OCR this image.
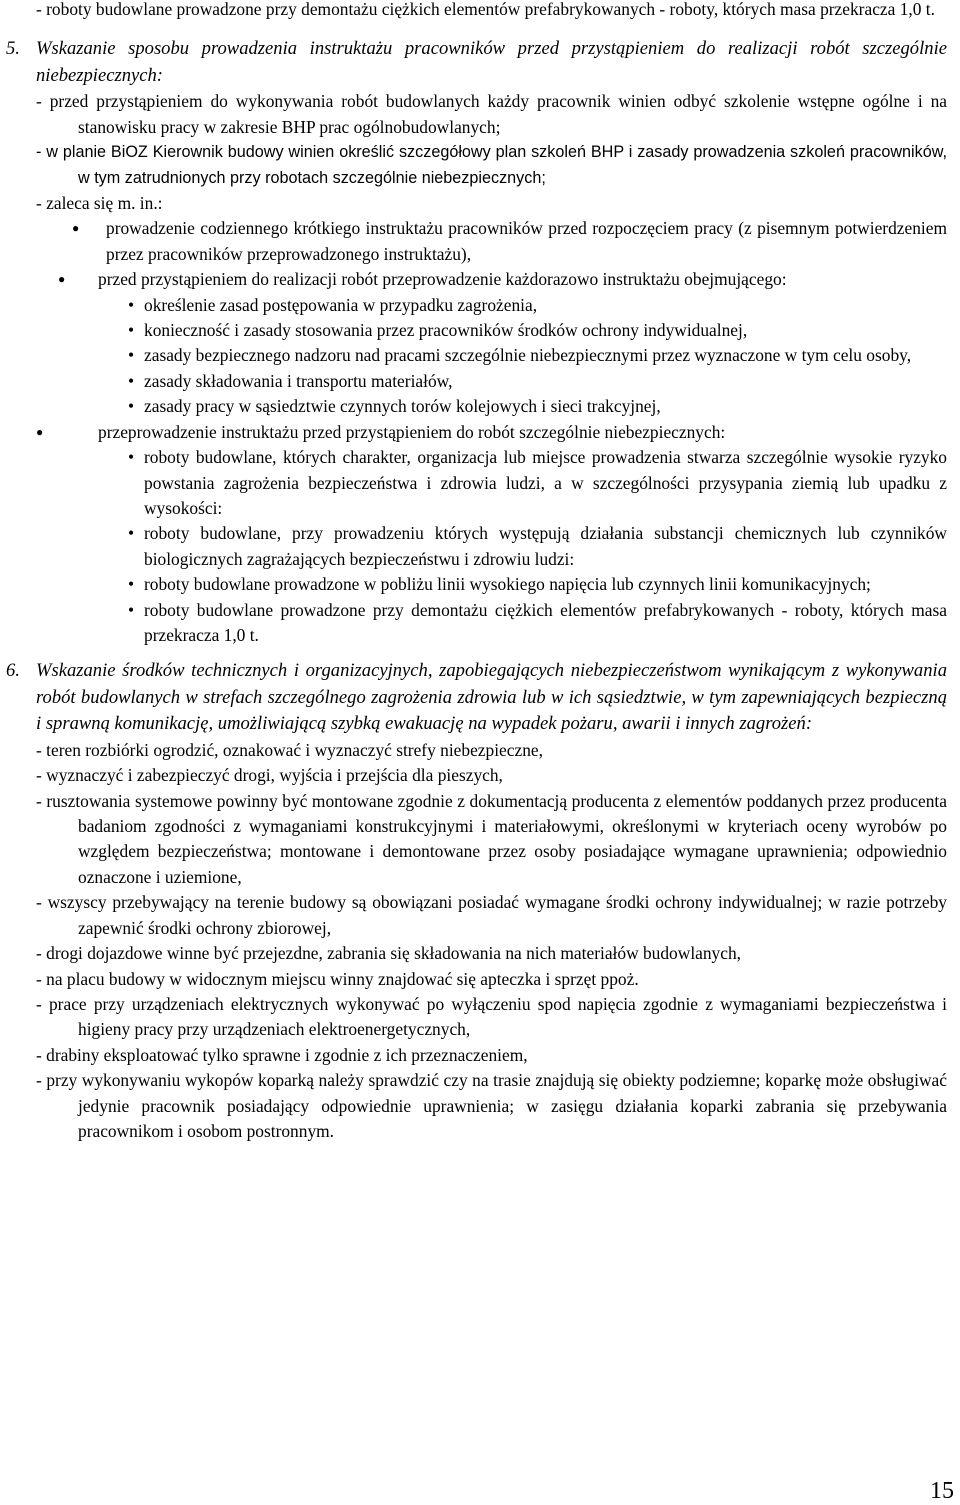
- roboty budowlane prowadzone przy demontażu ciężkich elementów prefabrykowanych - roboty, których masa przekracza 1,0 t.
5. Wskazanie sposobu prowadzenia instruktażu pracowników przed przystąpieniem do realizacji robót szczególnie niebezpiecznych:
- przed przystąpieniem do wykonywania robót budowlanych każdy pracownik winien odbyć szkolenie wstępne ogólne i na stanowisku pracy w zakresie BHP prac ogólnobudowlanych;
- w planie BiOZ Kierownik budowy winien określić szczegółowy plan szkoleń BHP i zasady prowadzenia szkoleń pracowników, w tym zatrudnionych przy robotach szczególnie niebezpiecznych;
- zaleca się m. in.:
● prowadzenie codziennego krótkiego instruktażu pracowników przed rozpoczęciem pracy (z pisemnym potwierdzeniem przez pracowników przeprowadzonego instruktażu),
● przed przystąpieniem do realizacji robót przeprowadzenie każdorazowo instruktażu obejmującego:
• określenie zasad postępowania w przypadku zagrożenia,
• konieczność i zasady stosowania przez pracowników środków ochrony indywidualnej,
• zasady bezpiecznego nadzoru nad pracami szczególnie niebezpiecznymi przez wyznaczone w tym celu osoby,
• zasady składowania i transportu materiałów,
• zasady pracy w sąsiedztwie czynnych torów kolejowych i sieci trakcyjnej,
●	przeprowadzenie instruktażu przed przystąpieniem do robót szczególnie niebezpiecznych:
• roboty budowlane, których charakter, organizacja lub miejsce prowadzenia stwarza szczególnie wysokie ryzyko powstania zagrożenia bezpieczeństwa i zdrowia ludzi, a w szczególności przysypania ziemią lub upadku z wysokości:
• roboty budowlane, przy prowadzeniu których występują działania substancji chemicznych lub czynników biologicznych zagrażających bezpieczeństwu i zdrowiu ludzi:
• roboty budowlane prowadzone w pobliżu linii wysokiego napięcia lub czynnych linii komunikacyjnych;
• roboty budowlane prowadzone przy demontażu ciężkich elementów prefabrykowanych - roboty, których masa przekracza 1,0 t.
6. Wskazanie środków technicznych i organizacyjnych, zapobiegających niebezpieczeństwom wynikającym z wykonywania robót budowlanych w strefach szczególnego zagrożenia zdrowia lub w ich sąsiedztwie, w tym zapewniających bezpieczną i sprawną komunikację, umożliwiającą szybką ewakuację na wypadek pożaru, awarii i innych zagrożeń:
- teren rozbiórki ogrodzić, oznakować i wyznaczyć strefy niebezpieczne,
- wyznaczyć i zabezpieczyć drogi, wyjścia i przejścia dla pieszych,
- rusztowania systemowe powinny być montowane zgodnie z dokumentacją producenta z elementów poddanych przez producenta badaniom zgodności z wymaganiami konstrukcyjnymi i materiałowymi, określonymi w kryteriach oceny wyrobów po względem bezpieczeństwa; montowane i demontowane przez osoby posiadające wymagane uprawnienia; odpowiednio oznaczone i uziemione,
- wszyscy przebywający na terenie budowy są obowiązani posiadać wymagane środki ochrony indywidualnej; w razie potrzeby zapewnić środki ochrony zbiorowej,
- drogi dojazdowe winne być przejezdne, zabrania się składowania na nich materiałów budowlanych,
- na placu budowy w widocznym miejscu winny znajdować się apteczka i sprzęt ppoż.
- prace przy urządzeniach elektrycznych wykonywać po wyłączeniu spod napięcia zgodnie z wymaganiami bezpieczeństwa i higieny pracy przy urządzeniach elektroenergetycznych,
- drabiny eksploatować tylko sprawne i zgodnie z ich przeznaczeniem,
- przy wykonywaniu wykopów koparką należy sprawdzić czy na trasie znajdują się obiekty podziemne; koparkę może obsługiwać jedynie pracownik posiadający odpowiednie uprawnienia; w zasięgu działania koparki zabrania się przebywania pracownikom i osobom postronnym.
15
